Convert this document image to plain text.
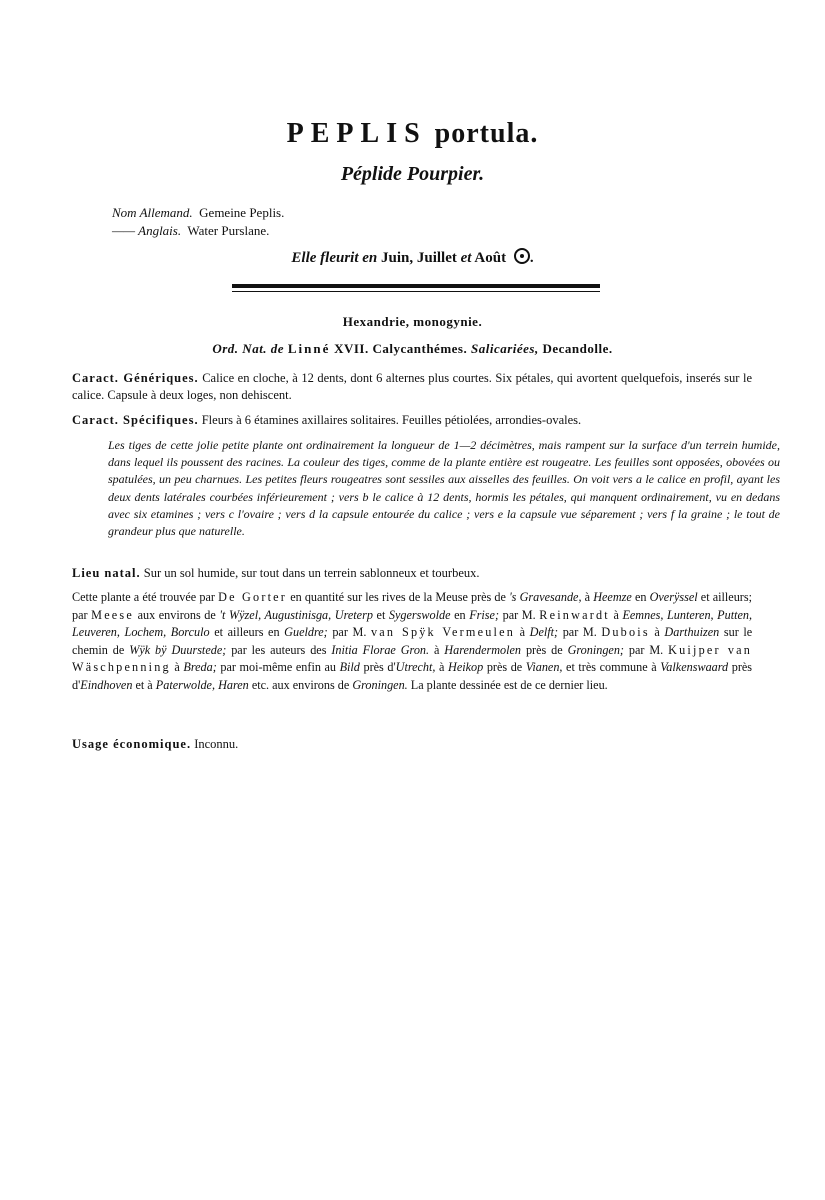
PEPLIS portula.
Péplide Pourpier.
Nom Allemand. Gemeine Peplis.
—— Anglais. Water Purslane.
Elle fleurit en Juin, Juillet et Août .
Hexandrie, monogynie.
Ord. Nat. de Linné XVII. Calycanthémes. Salicariées, Decandolle.
Caract. Génériques. Calice en cloche, à 12 dents, dont 6 alternes plus courtes. Six pétales, qui avortent quelquefois, inserés sur le calice. Capsule à deux loges, non dehiscent.
Caract. Spécifiques. Fleurs à 6 étamines axillaires solitaires. Feuilles pétiolées, arrondies-ovales.
Les tiges de cette jolie petite plante ont ordinairement la longueur de 1—2 décimètres, mais rampent sur la surface d'un terrein humide, dans lequel ils poussent des racines. La couleur des tiges, comme de la plante entière est rougeatre. Les feuilles sont opposées, obovées ou spatulées, un peu charnues. Les petites fleurs rougeatres sont sessiles aux aisselles des feuilles. On voit vers a le calice en profil, ayant les deux dents latérales courbées inférieurement ; vers b le calice à 12 dents, hormis les pétales, qui manquent ordinairement, vu en dedans avec six etamines ; vers c l'ovaire ; vers d la capsule entourée du calice ; vers e la capsule vue séparement ; vers f la graine ; le tout de grandeur plus que naturelle.
Lieu natal. Sur un sol humide, sur tout dans un terrein sablonneux et tourbeux.
Cette plante a été trouvée par De Gorter en quantité sur les rives de la Meuse près de 's Gravesande, à Heemze en Overÿssel et ailleurs; par Meese aux environs de 't Wÿzel, Augustinisga, Ureterp et Sygerswolde en Frise; par M. Reinwardt à Eemnes, Lunteren, Putten, Leuveren, Lochem, Borculo et ailleurs en Gueldre; par M. van Spÿk Vermeulen à Delft; par M. Dubois à Darthuizen sur le chemin de Wÿk bÿ Duurstede; par les auteurs des Initia Florae Gron. à Harendermolen près de Groningen; par M. Kuijper van Wäschpenning à Breda; par moi-même enfin au Bild près d'Utrecht, à Heikop près de Vianen, et très commune à Valkenswaard près d'Eindhoven et à Paterwolde, Haren etc. aux environs de Groningen. La plante dessinée est de ce dernier lieu.
Usage économique. Inconnu.
